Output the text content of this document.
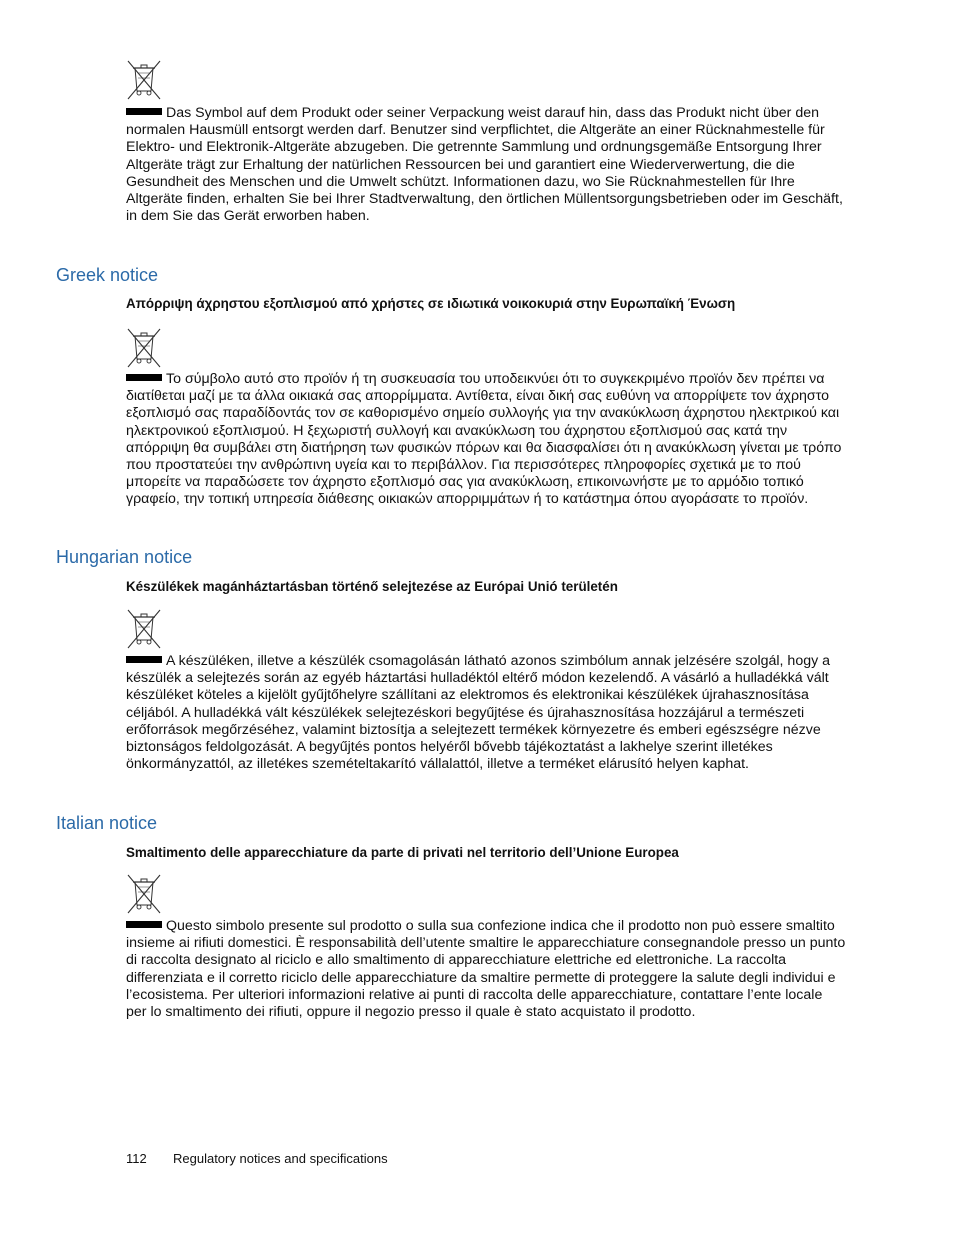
Das Symbol auf dem Produkt oder seiner Verpackung weist darauf hin, dass das Produkt nicht über den normalen Hausmüll entsorgt werden darf. Benutzer sind verpflichtet, die Altgeräte an einer Rücknahmestelle für Elektro- und Elektronik-Altgeräte abzugeben. Die getrennte Sammlung und ordnungsgemäße Entsorgung Ihrer Altgeräte trägt zur Erhaltung der natürlichen Ressourcen bei und garantiert eine Wiederverwertung, die die Gesundheit des Menschen und die Umwelt schützt. Informationen dazu, wo Sie Rücknahmestellen für Ihre Altgeräte finden, erhalten Sie bei Ihrer Stadtverwaltung, den örtlichen Müllentsorgungsbetrieben oder im Geschäft, in dem Sie das Gerät erworben haben.

Greek notice

Απόρριψη άχρηστου εξοπλισμού από χρήστες σε ιδιωτικά νοικοκυριά στην Ευρωπαϊκή Ένωση

Το σύμβολο αυτό στο προϊόν ή τη συσκευασία του υποδεικνύει ότι το συγκεκριμένο προϊόν δεν πρέπει να διατίθεται μαζί με τα άλλα οικιακά σας απορρίμματα. Αντίθετα, είναι δική σας ευθύνη να απορρίψετε τον άχρηστο εξοπλισμό σας παραδίδοντάς τον σε καθορισμένο σημείο συλλογής για την ανακύκλωση άχρηστου ηλεκτρικού και ηλεκτρονικού εξοπλισμού. Η ξεχωριστή συλλογή και ανακύκλωση του άχρηστου εξοπλισμού σας κατά την απόρριψη θα συμβάλει στη διατήρηση των φυσικών πόρων και θα διασφαλίσει ότι η ανακύκλωση γίνεται με τρόπο που προστατεύει την ανθρώπινη υγεία και το περιβάλλον. Για περισσότερες πληροφορίες σχετικά με το πού μπορείτε να παραδώσετε τον άχρηστο εξοπλισμό σας για ανακύκλωση, επικοινωνήστε με το αρμόδιο τοπικό γραφείο, την τοπική υπηρεσία διάθεσης οικιακών απορριμμάτων ή το κατάστημα όπου αγοράσατε το προϊόν.

Hungarian notice

Készülékek magánháztartásban történő selejtezése az Európai Unió területén

A készüléken, illetve a készülék csomagolásán látható azonos szimbólum annak jelzésére szolgál, hogy a készülék a selejtezés során az egyéb háztartási hulladéktól eltérő módon kezelendő. A vásárló a hulladékká vált készüléket köteles a kijelölt gyűjtőhelyre szállítani az elektromos és elektronikai készülékek újrahasznosítása céljából. A hulladékká vált készülékek selejtezéskori begyűjtése és újrahasznosítása hozzájárul a természeti erőforrások megőrzéséhez, valamint biztosítja a selejtezett termékek környezetre és emberi egészségre nézve biztonságos feldolgozását. A begyűjtés pontos helyéről bővebb tájékoztatást a lakhelye szerint illetékes önkormányzattól, az illetékes szemételtakarító vállalattól, illetve a terméket elárusító helyen kaphat.

Italian notice

Smaltimento delle apparecchiature da parte di privati nel territorio dell’Unione Europea

Questo simbolo presente sul prodotto o sulla sua confezione indica che il prodotto non può essere smaltito insieme ai rifiuti domestici. È responsabilità dell’utente smaltire le apparecchiature consegnandole presso un punto di raccolta designato al riciclo e allo smaltimento di apparecchiature elettriche ed elettroniche. La raccolta differenziata e il corretto riciclo delle apparecchiature da smaltire permette di proteggere la salute degli individui e l’ecosistema. Per ulteriori informazioni relative ai punti di raccolta delle apparecchiature, contattare l’ente locale per lo smaltimento dei rifiuti, oppure il negozio presso il quale è stato acquistato il prodotto.

112 Regulatory notices and specifications
